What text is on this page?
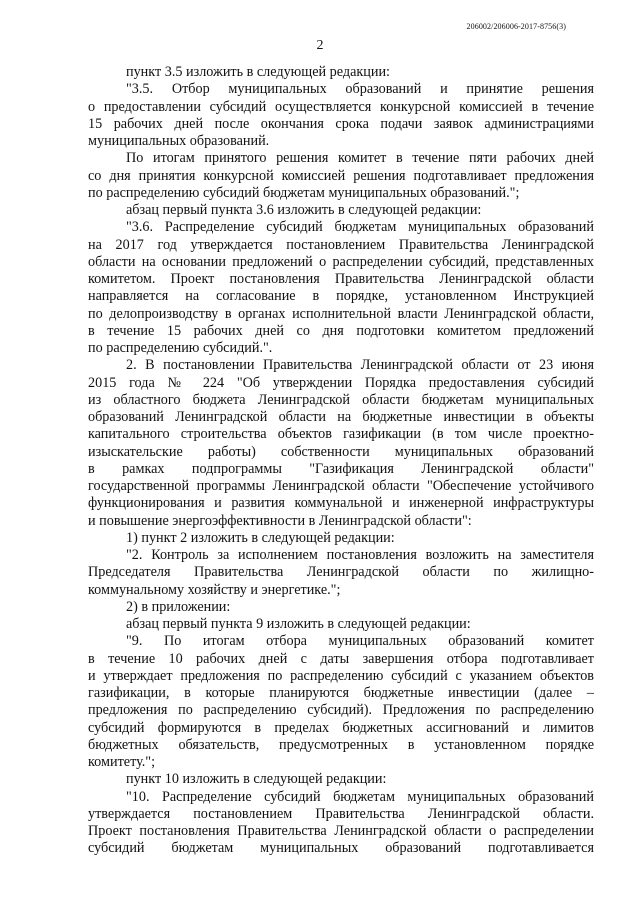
206002/206006-2017-8756(3)
2
пункт 3.5 изложить в следующей редакции:
"3.5. Отбор муниципальных образований и принятие решения
о предоставлении субсидий осуществляется конкурсной комиссией в течение
15 рабочих дней после окончания срока подачи заявок администрациями
муниципальных образований.
По итогам принятого решения комитет в течение пяти рабочих дней
со дня принятия конкурсной комиссией решения подготавливает предложения
по распределению субсидий бюджетам муниципальных образований.";
абзац первый пункта 3.6 изложить в следующей редакции:
"3.6. Распределение субсидий бюджетам муниципальных образований
на 2017 год утверждается постановлением Правительства Ленинградской
области на основании предложений о распределении субсидий, представленных
комитетом. Проект постановления Правительства Ленинградской области
направляется на согласование в порядке, установленном Инструкцией
по делопроизводству в органах исполнительной власти Ленинградской области,
в течение 15 рабочих дней со дня подготовки комитетом предложений
по распределению субсидий.".
2. В постановлении Правительства Ленинградской области от 23 июня
2015 года № 224 "Об утверждении Порядка предоставления субсидий
из областного бюджета Ленинградской области бюджетам муниципальных
образований Ленинградской области на бюджетные инвестиции в объекты
капитального строительства объектов газификации (в том числе проектно-
изыскательские работы) собственности муниципальных образований
в рамках подпрограммы "Газификация Ленинградской области"
государственной программы Ленинградской области "Обеспечение устойчивого
функционирования и развития коммунальной и инженерной инфраструктуры
и повышение энергоэффективности в Ленинградской области":
1) пункт 2 изложить в следующей редакции:
"2. Контроль за исполнением постановления возложить на заместителя
Председателя Правительства Ленинградской области по жилищно-
коммунальному хозяйству и энергетике.";
2) в приложении:
абзац первый пункта 9 изложить в следующей редакции:
"9. По итогам отбора муниципальных образований комитет
в течение 10 рабочих дней с даты завершения отбора подготавливает
и утверждает предложения по распределению субсидий с указанием объектов
газификации, в которые планируются бюджетные инвестиции (далее –
предложения по распределению субсидий). Предложения по распределению
субсидий формируются в пределах бюджетных ассигнований и лимитов
бюджетных обязательств, предусмотренных в установленном порядке
комитету.";
пункт 10 изложить в следующей редакции:
"10. Распределение субсидий бюджетам муниципальных образований
утверждается постановлением Правительства Ленинградской области.
Проект постановления Правительства Ленинградской области о распределении
субсидий бюджетам муниципальных образований подготавливается
